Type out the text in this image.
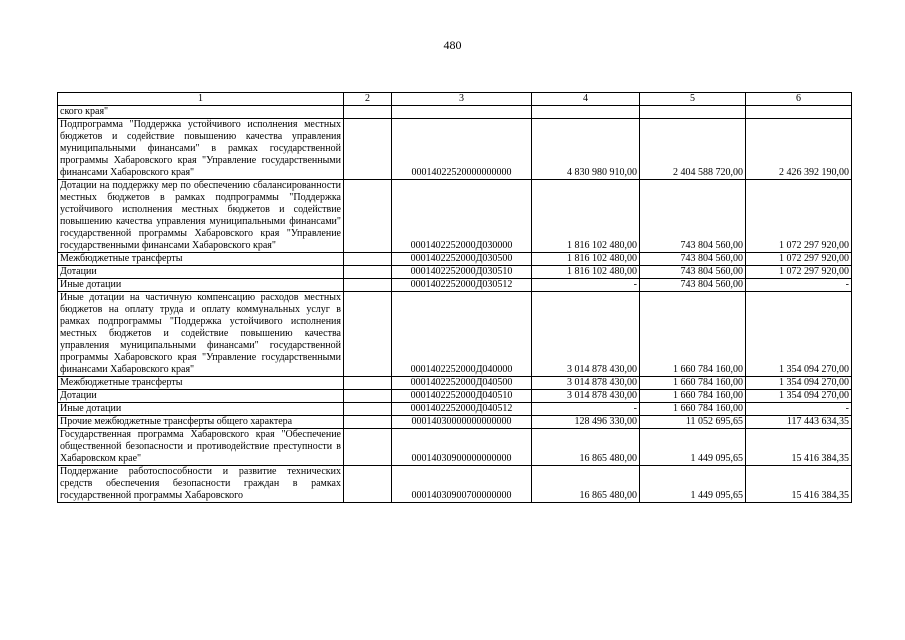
480
1	2	3	4	5	6
ского края"					
Подпрограмма "Поддержка устойчивого исполнения местных бюджетов и содействие повышению качества управления муниципальными финансами" в рамках государственной программы Хабаровского края "Управление государственными финансами Хабаровского края"		00014022520000000000	4 830 980 910,00	2 404 588 720,00	2 426 392 190,00
Дотации на поддержку мер по обеспечению сбалансированности местных бюджетов в рамках подпрограммы "Поддержка устойчивого исполнения местных бюджетов и содействие повышению качества управления муниципальными финансами" государственной программы Хабаровского края "Управление государственными финансами Хабаровского края"		0001402252000Д030000	1 816 102 480,00	743 804 560,00	1 072 297 920,00
Межбюджетные трансферты		0001402252000Д030500	1 816 102 480,00	743 804 560,00	1 072 297 920,00
Дотации		0001402252000Д030510	1 816 102 480,00	743 804 560,00	1 072 297 920,00
Иные дотации		0001402252000Д030512	-	743 804 560,00	-
Иные дотации на частичную компенсацию расходов местных бюджетов на оплату труда и оплату коммунальных услуг в рамках подпрограммы "Поддержка устойчивого исполнения местных бюджетов и содействие повышению качества управления муниципальными финансами" государственной программы Хабаровского края "Управление государственными финансами Хабаровского края"		0001402252000Д040000	3 014 878 430,00	1 660 784 160,00	1 354 094 270,00
Межбюджетные трансферты		0001402252000Д040500	3 014 878 430,00	1 660 784 160,00	1 354 094 270,00
Дотации		0001402252000Д040510	3 014 878 430,00	1 660 784 160,00	1 354 094 270,00
Иные дотации		0001402252000Д040512	-	1 660 784 160,00	-
Прочие межбюджетные трансферты общего характера		00014030000000000000	128 496 330,00	11 052 695,65	117 443 634,35
Государственная программа Хабаровского края "Обеспечение общественной безопасности и противодействие преступности в Хабаровском крае"		00014030900000000000	16 865 480,00	1 449 095,65	15 416 384,35
Поддержание работоспособности и развитие технических средств обеспечения безопасности граждан в рамках государственной программы Хабаровского		00014030900700000000	16 865 480,00	1 449 095,65	15 416 384,35
